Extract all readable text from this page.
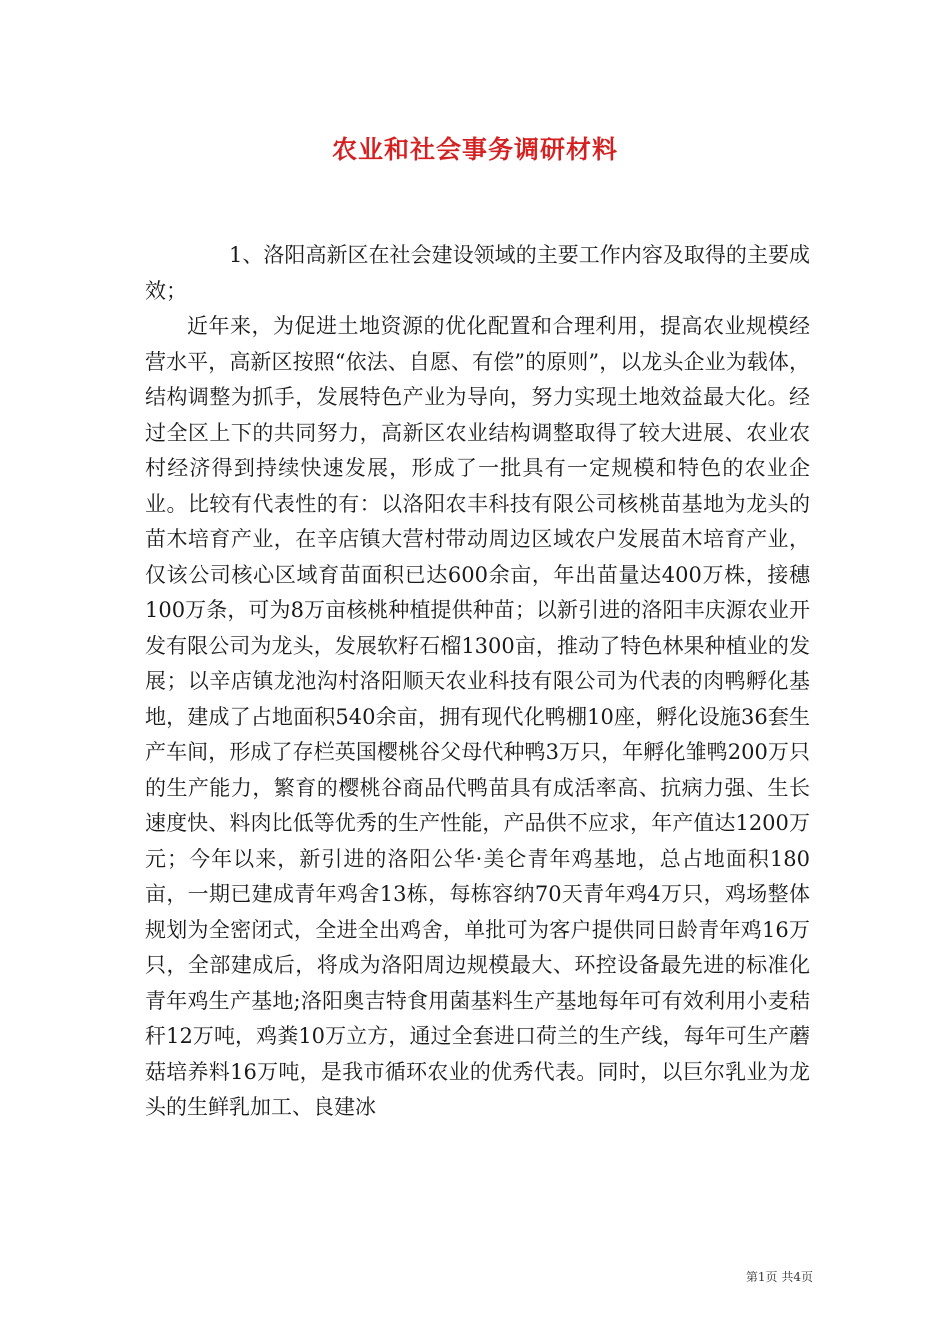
农业和社会事务调研材料

1、洛阳高新区在社会建设领域的主要工作内容及取得的主要成效；

近年来，为促进土地资源的优化配置和合理利用，提高农业规模经营水平，高新区按照“依法、自愿、有偿”的原则”，以龙头企业为载体，结构调整为抓手，发展特色产业为导向，努力实现土地效益最大化。经过全区上下的共同努力，高新区农业结构调整取得了较大进展、农业农村经济得到持续快速发展，形成了一批具有一定规模和特色的农业企业。比较有代表性的有：以洛阳农丰科技有限公司核桃苗基地为龙头的苗木培育产业，在辛店镇大营村带动周边区域农户发展苗木培育产业，仅该公司核心区域育苗面积已达600余亩，年出苗量达400万株，接穗100万条，可为8万亩核桃种植提供种苗；以新引进的洛阳丰庆源农业开发有限公司为龙头，发展软籽石榴1300亩，推动了特色林果种植业的发展；以辛店镇龙池沟村洛阳顺天农业科技有限公司为代表的肉鸭孵化基地，建成了占地面积540余亩，拥有现代化鸭棚10座，孵化设施36套生产车间，形成了存栏英国樱桃谷父母代种鸭3万只，年孵化雏鸭200万只的生产能力，繁育的樱桃谷商品代鸭苗具有成活率高、抗病力强、生长速度快、料肉比低等优秀的生产性能，产品供不应求，年产值达1200万元；今年以来，新引进的洛阳公华·美仑青年鸡基地，总占地面积180亩，一期已建成青年鸡舍13栋，每栋容纳70天青年鸡4万只，鸡场整体规划为全密闭式，全进全出鸡舍，单批可为客户提供同日龄青年鸡16万只，全部建成后，将成为洛阳周边规模最大、环控设备最先进的标准化青年鸡生产基地;洛阳奥吉特食用菌基料生产基地每年可有效利用小麦秸秆12万吨，鸡粪10万立方，通过全套进口荷兰的生产线，每年可生产蘑菇培养料16万吨，是我市循环农业的优秀代表。同时，以巨尔乳业为龙头的生鲜乳加工、良建冰

第1页 共4页
